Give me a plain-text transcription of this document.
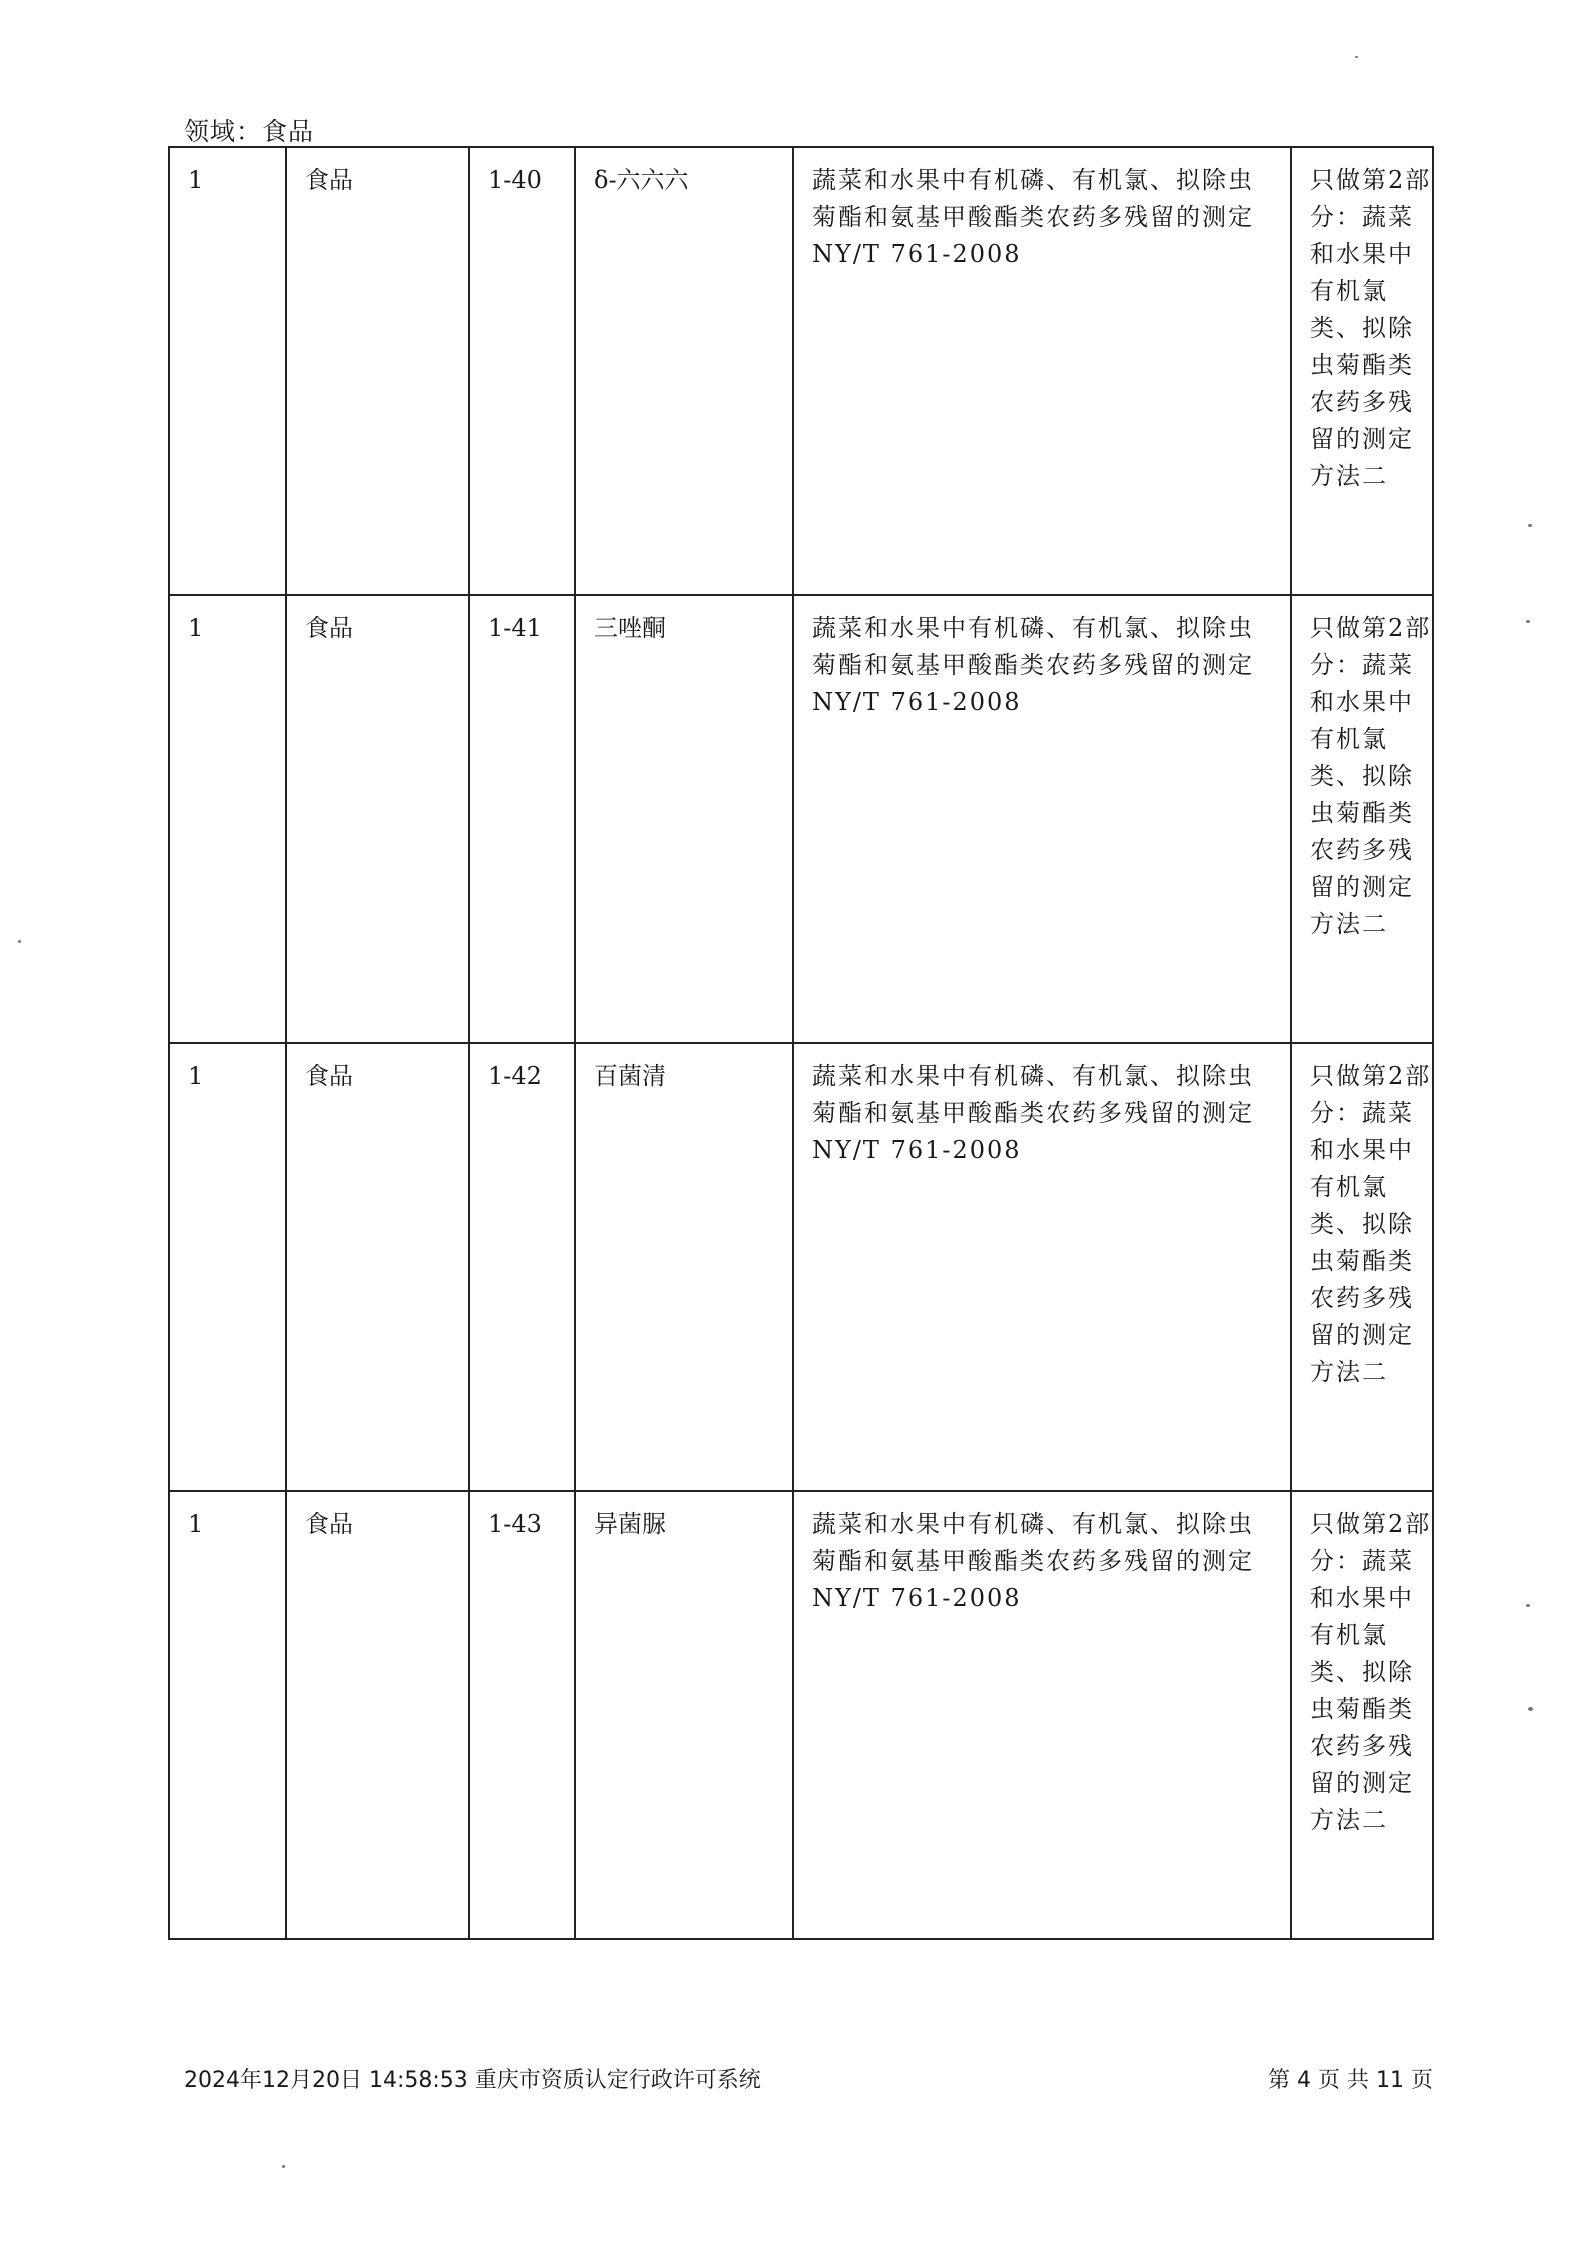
领域：食品
1	食品	1-40	δ-六六六	蔬菜和水果中有机磷、有机氯、拟除虫菊酯和氨基甲酸酯类农药多残留的测定 NY/T 761-2008	只做第2部分：蔬菜和水果中有机氯类、拟除虫菊酯类农药多残留的测定方法二

1	食品	1-41	三唑酮	蔬菜和水果中有机磷、有机氯、拟除虫菊酯和氨基甲酸酯类农药多残留的测定 NY/T 761-2008	只做第2部分：蔬菜和水果中有机氯类、拟除虫菊酯类农药多残留的测定方法二

1	食品	1-42	百菌清	蔬菜和水果中有机磷、有机氯、拟除虫菊酯和氨基甲酸酯类农药多残留的测定 NY/T 761-2008	只做第2部分：蔬菜和水果中有机氯类、拟除虫菊酯类农药多残留的测定方法二

1	食品	1-43	异菌脲	蔬菜和水果中有机磷、有机氯、拟除虫菊酯和氨基甲酸酯类农药多残留的测定 NY/T 761-2008	只做第2部分：蔬菜和水果中有机氯类、拟除虫菊酯类农药多残留的测定方法二
2024年12月20日 14:58:53 重庆市资质认定行政许可系统	第 4 页 共 11 页
